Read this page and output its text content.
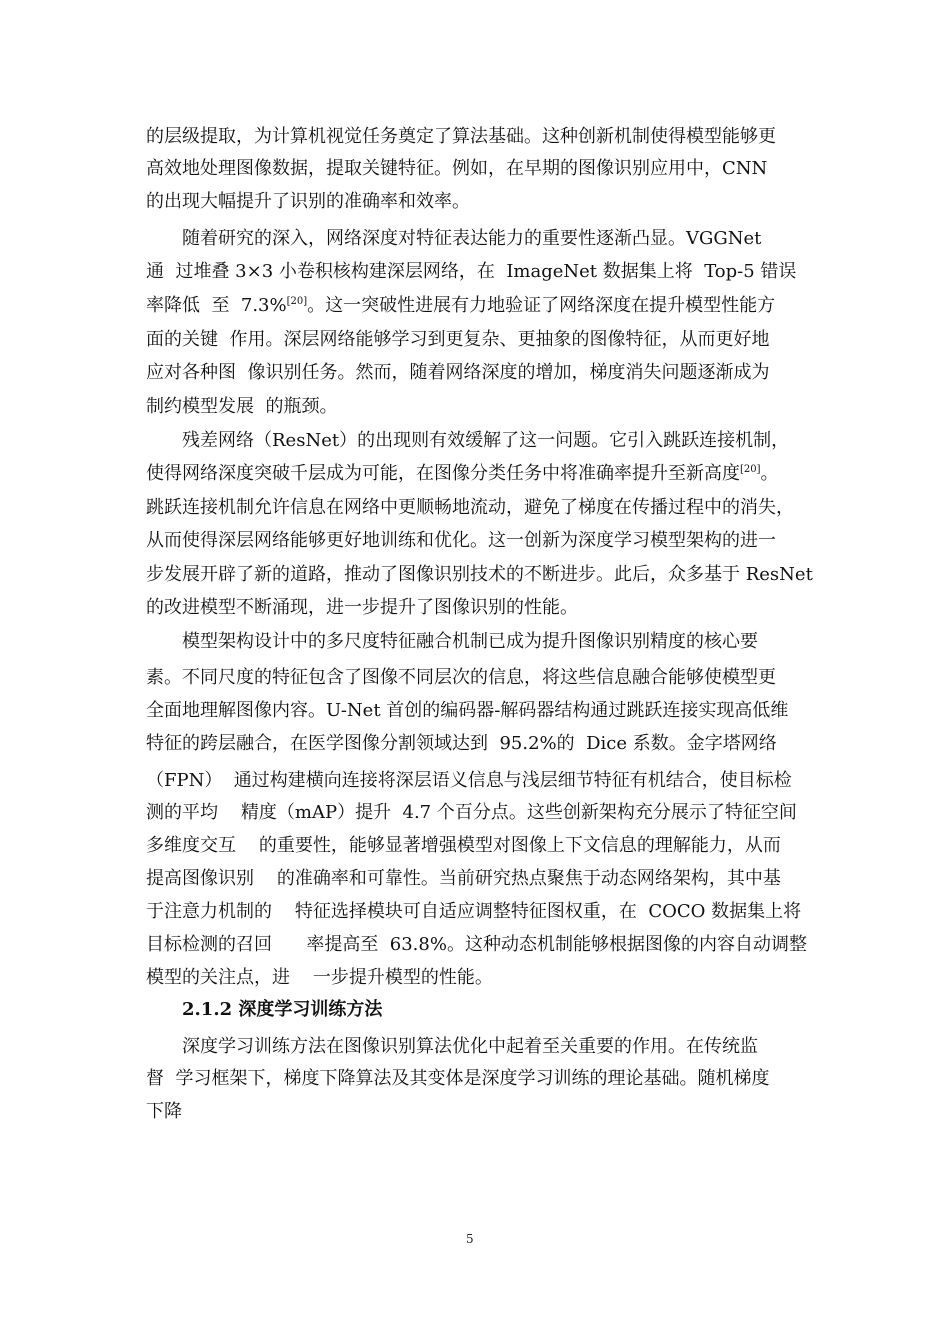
的层级提取，为计算机视觉任务奠定了算法基础。这种创新机制使得模型能够更
高效地处理图像数据，提取关键特征。例如，在早期的图像识别应用中，CNN
的出现大幅提升了识别的准确率和效率。
随着研究的深入，网络深度对特征表达能力的重要性逐渐凸显。VGGNet
通  过堆叠 3×3 小卷积核构建深层网络，在  ImageNet 数据集上将  Top-5 错误
率降低  至  7.3%[20]。这一突破性进展有力地验证了网络深度在提升模型性能方
面的关键  作用。深层网络能够学习到更复杂、更抽象的图像特征，从而更好地
应对各种图  像识别任务。然而，随着网络深度的增加，梯度消失问题逐渐成为
制约模型发展  的瓶颈。
残差网络（ResNet）的出现则有效缓解了这一问题。它引入跳跃连接机制，
使得网络深度突破千层成为可能，在图像分类任务中将准确率提升至新高度[20]。
跳跃连接机制允许信息在网络中更顺畅地流动，避免了梯度在传播过程中的消失，
从而使得深层网络能够更好地训练和优化。这一创新为深度学习模型架构的进一
步发展开辟了新的道路，推动了图像识别技术的不断进步。此后，众多基于 ResNet
的改进模型不断涌现，进一步提升了图像识别的性能。
模型架构设计中的多尺度特征融合机制已成为提升图像识别精度的核心要
素。不同尺度的特征包含了图像不同层次的信息，将这些信息融合能够使模型更
全面地理解图像内容。U-Net 首创的编码器-解码器结构通过跳跃连接实现高低维
特征的跨层融合，在医学图像分割领域达到  95.2%的  Dice 系数。金字塔网络
（FPN）  通过构建横向连接将深层语义信息与浅层细节特征有机结合，使目标检
测的平均    精度（mAP）提升  4.7 个百分点。这些创新架构充分展示了特征空间
多维度交互    的重要性，能够显著增强模型对图像上下文信息的理解能力，从而
提高图像识别    的准确率和可靠性。当前研究热点聚焦于动态网络架构，其中基
于注意力机制的    特征选择模块可自适应调整特征图权重，在  COCO 数据集上将
目标检测的召回      率提高至  63.8%。这种动态机制能够根据图像的内容自动调整
模型的关注点，进    一步提升模型的性能。
2.1.2 深度学习训练方法
深度学习训练方法在图像识别算法优化中起着至关重要的作用。在传统监
督  学习框架下，梯度下降算法及其变体是深度学习训练的理论基础。随机梯度
下降
5
